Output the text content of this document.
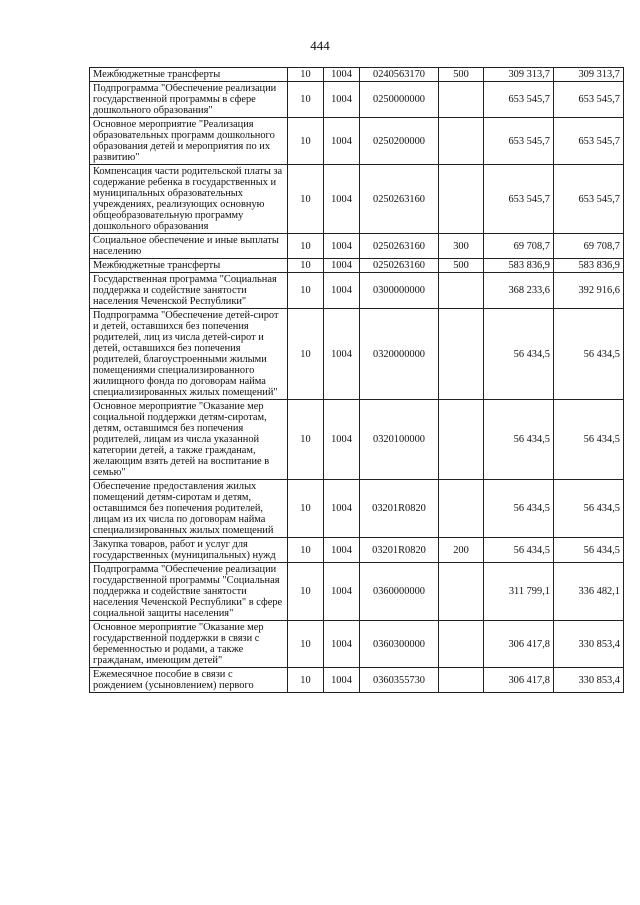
444
Межбюджетные трансферты	10	1004	0240563170	500	309 313,7	309 313,7
Подпрограмма "Обеспечение реализации государственной программы в сфере дошкольного образования"	10	1004	0250000000		653 545,7	653 545,7
Основное мероприятие "Реализация образовательных программ дошкольного образования детей и мероприятия по их развитию"	10	1004	0250200000		653 545,7	653 545,7
Компенсация части родительской платы за содержание ребенка в государственных и муниципальных образовательных учреждениях, реализующих основную общеобразовательную программу дошкольного образования	10	1004	0250263160		653 545,7	653 545,7
Социальное обеспечение и иные выплаты населению	10	1004	0250263160	300	69 708,7	69 708,7
Межбюджетные трансферты	10	1004	0250263160	500	583 836,9	583 836,9
Государственная программа "Социальная поддержка и содействие занятости населения Чеченской Республики"	10	1004	0300000000		368 233,6	392 916,6
Подпрограмма "Обеспечение детей-сирот и детей, оставшихся без попечения родителей, лиц из числа детей-сирот и детей, оставшихся без попечения родителей, благоустроенными жилыми помещениями специализированного жилищного фонда по договорам найма специализированных жилых помещений"	10	1004	0320000000		56 434,5	56 434,5
Основное мероприятие "Оказание мер социальной поддержки детям-сиротам, детям, оставшимся без попечения родителей, лицам из числа указанной категории детей, а также гражданам, желающим взять детей на воспитание в семью"	10	1004	0320100000		56 434,5	56 434,5
Обеспечение предоставления жилых помещений детям-сиротам и детям, оставшимся без попечения родителей, лицам из их числа по договорам найма специализированных жилых помещений	10	1004	03201R0820		56 434,5	56 434,5
Закупка товаров, работ и услуг для государственных (муниципальных) нужд	10	1004	03201R0820	200	56 434,5	56 434,5
Подпрограмма "Обеспечение реализации государственной программы "Социальная поддержка и содействие занятости населения Чеченской Республики" в сфере социальной защиты населения"	10	1004	0360000000		311 799,1	336 482,1
Основное мероприятие "Оказание мер государственной поддержки в связи с беременностью и родами, а также гражданам, имеющим детей"	10	1004	0360300000		306 417,8	330 853,4
Ежемесячное пособие в связи с рождением (усыновлением) первого	10	1004	0360355730		306 417,8	330 853,4
